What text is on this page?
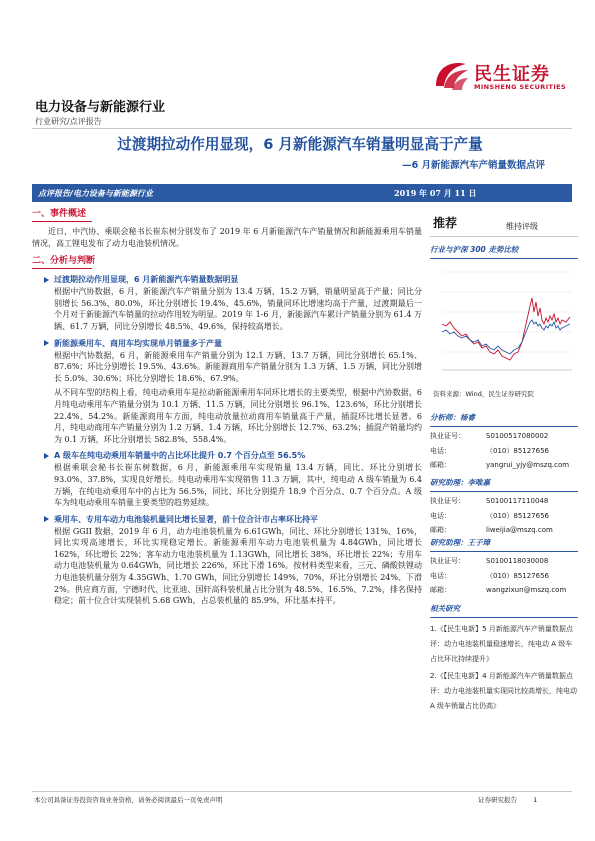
民生证券
MINSHENG SECURITIES
电力设备与新能源行业
行业研究/点评报告
过渡期拉动作用显现，6 月新能源汽车销量明显高于产量
—6 月新能源汽车产销量数据点评
点评报告/电力设备与新能源行业	2019 年 07 月 11 日
一、事件概述
近日，中汽协、乘联会秘书长崔东树分别发布了 2019 年 6 月新能源汽车产销量情况和新能源乘用车销量情况，高工锂电发布了动力电池装机情况。
二、分析与判断
过渡期拉动作用显现，6 月新能源汽车销量数据明显
根据中汽协数据，6 月，新能源汽车产销量分别为 13.4 万辆、15.2 万辆，销量明显高于产量；同比分别增长 56.3%、80.0%，环比分别增长 19.4%、45.6%，销量同环比增速均高于产量，过渡期最后一个月对于新能源汽车销量的拉动作用较为明显。2019 年 1-6 月，新能源汽车累计产销量分别为 61.4 万辆、61.7 万辆，同比分别增长 48.5%、49.6%，保持较高增长。
新能源乘用车、商用车均实现单月销量多于产量
根据中汽协数据，6 月，新能源乘用车产销量分别为 12.1 万辆、13.7 万辆，同比分别增长 65.1%、87.6%；环比分别增长 19.5%、43.6%。新能源商用车产销量分别为 1.3 万辆、1.5 万辆，同比分别增长 5.0%、30.6%；环比分别增长 18.6%、67.9%。
从不同车型的结构上看，纯电动乘用车是拉动新能源乘用车同环比增长的主要类型，根据中汽协数据，6 月纯电动乘用车产销量分别为 10.1 万辆、11.5 万辆，同比分别增长 96.1%、123.6%，环比分别增长 22.4%、54.2%。新能源商用车方面，纯电动放量拉动商用车销量高于产量，插混环比增长显著。6 月，纯电动商用车产销量分别为 1.2 万辆、1.4 万辆，环比分别增长 12.7%、63.2%；插混产销量均约为 0.1 万辆，环比分别增长 582.8%、558.4%。
A 级车在纯电动乘用车销量中的占比环比提升 0.7 个百分点至 56.5%
根据乘联会秘书长崔东树数据，6 月，新能源乘用车实现销量 13.4 万辆，同比、环比分别增长 93.0%、37.8%，实现良好增长。纯电动乘用车实现销售 11.3 万辆，其中，纯电动 A 级车销量为 6.4 万辆，在纯电动乘用车中的占比为 56.5%，同比、环比分别提升 18.9 个百分点、0.7 个百分点。A 级车为纯电动乘用车销量主要类型的趋势延续。
乘用车、专用车动力电池装机量同比增长显著，前十位合计市占率环比持平
根据 GGII 数据，2019 年 6 月，动力电池装机量为 6.61GWh，同比、环比分别增长 131%、16%，同比实现高速增长，环比实现稳定增长。新能源乘用车动力电池装机量为 4.84GWh，同比增长 162%，环比增长 22%；客车动力电池装机量为 1.13GWh，同比增长 38%，环比增长 22%；专用车动力电池装机量为 0.64GWh，同比增长 226%，环比下滑 16%。按材料类型来看，三元、磷酸铁锂动力电池装机量分别为 4.35GWh、1.70 GWh，同比分别增长 149%、70%，环比分别增长 24%、下滑 2%。供应商方面，宁德时代、比亚迪、国轩高科装机量占比分别为 48.5%、16.5%、7.2%，排名保持稳定；前十位合计实现装机 5.68 GWh，占总装机量的 85.9%，环比基本持平。
推荐	维持评级
行业与沪深 300 走势比较
资料来源：Wind，民生证券研究院
分析师：杨睿
执业证号：	S0100517080002
电话：	（010）85127656
邮箱：	yangrui_yjy@mszq.com
研究助理：李唯嘉
执业证号：	S0100117110048
电话：	（010）85127656
邮箱：	liweijia@mszq.com
研究助理：王子璋
执业证号：	S0100118030008
电话：	（010）85127656
邮箱：	wangzixun@mszq.com
相关研究
1.《【民生电新】5 月新能源汽车产销量数据点评：动力电池装机量稳速增长，纯电动 A 级车占比环比持续提升》
2.《【民生电新】4 月新能源汽车产销量数据点评：动力电池装机量实现同比较高增长，纯电动 A 级车销量占比仍高》
本公司具备证券投资咨询业务资格，请务必阅读最后一页免责声明	证券研究报告 1
